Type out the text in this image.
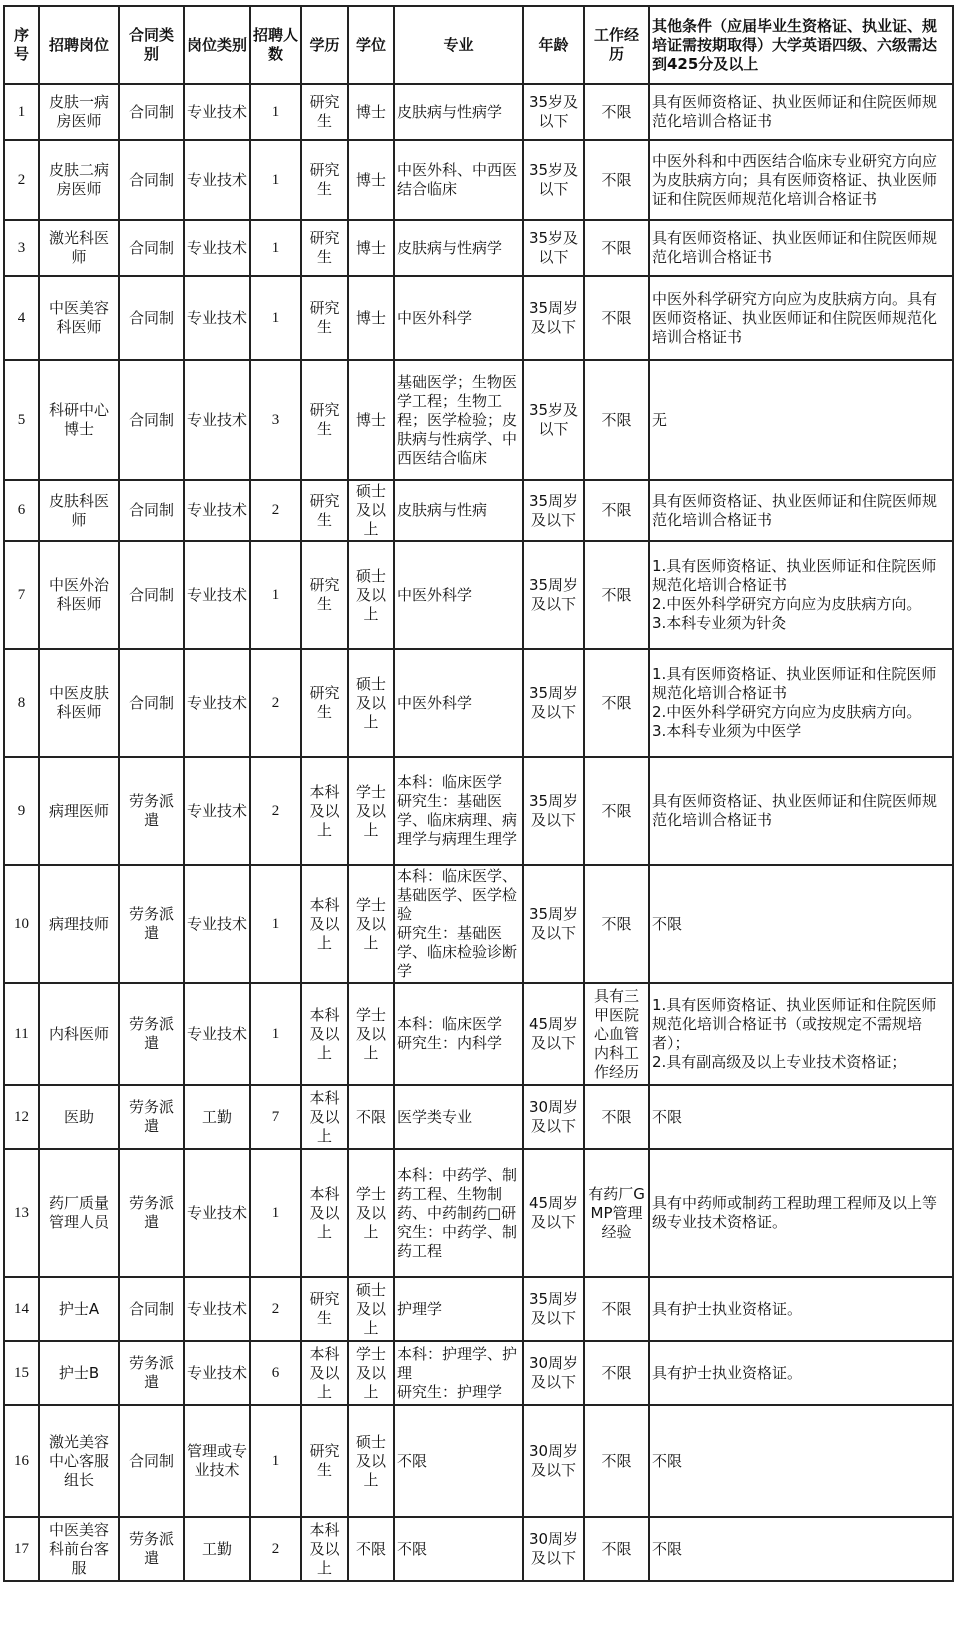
序号	招聘岗位	合同类别	岗位类别	招聘人数	学历	学位	专业	年龄	工作经历	其他条件（应届毕业生资格证、执业证、规培证需按期取得）大学英语四级、六级需达到425分及以上
1	皮肤一病房医师	合同制	专业技术	1	研究生	博士	皮肤病与性病学	35岁及以下	不限	具有医师资格证、执业医师证和住院医师规范化培训合格证书
2	皮肤二病房医师	合同制	专业技术	1	研究生	博士	中医外科、中西医结合临床	35岁及以下	不限	中医外科和中西医结合临床专业研究方向应为皮肤病方向；具有医师资格证、执业医师证和住院医师规范化培训合格证书
3	激光科医师	合同制	专业技术	1	研究生	博士	皮肤病与性病学	35岁及以下	不限	具有医师资格证、执业医师证和住院医师规范化培训合格证书
4	中医美容科医师	合同制	专业技术	1	研究生	博士	中医外科学	35周岁及以下	不限	中医外科学研究方向应为皮肤病方向。具有医师资格证、执业医师证和住院医师规范化培训合格证书
5	科研中心博士	合同制	专业技术	3	研究生	博士	基础医学；生物医学工程；生物工程；医学检验；皮肤病与性病学、中西医结合临床	35岁及以下	不限	无
6	皮肤科医师	合同制	专业技术	2	研究生	硕士及以上	皮肤病与性病	35周岁及以下	不限	具有医师资格证、执业医师证和住院医师规范化培训合格证书
7	中医外治科医师	合同制	专业技术	1	研究生	硕士及以上	中医外科学	35周岁及以下	不限	1.具有医师资格证、执业医师证和住院医师规范化培训合格证书
2.中医外科学研究方向应为皮肤病方向。
3.本科专业须为针灸

8	中医皮肤科医师	合同制	专业技术	2	研究生	硕士及以上	中医外科学	35周岁及以下	不限	1.具有医师资格证、执业医师证和住院医师规范化培训合格证书
2.中医外科学研究方向应为皮肤病方向。
3.本科专业须为中医学

9	病理医师	劳务派遣	专业技术	2	本科及以上	学士及以上	本科：临床医学
研究生：基础医学、临床病理、病理学与病理生理学	35周岁及以下	不限	具有医师资格证、执业医师证和住院医师规范化培训合格证书
10	病理技师	劳务派遣	专业技术	1	本科及以上	学士及以上	本科：临床医学、基础医学、医学检验
研究生：基础医学、临床检验诊断学	35周岁及以下	不限	不限
11	内科医师	劳务派遣	专业技术	1	本科及以上	学士及以上	本科：临床医学
研究生：内科学	45周岁及以下	具有三甲医院心血管内科工作经历	1.具有医师资格证、执业医师证和住院医师规范化培训合格证书（或按规定不需规培者）；
2.具有副高级及以上专业技术资格证；

12	医助	劳务派遣	工勤	7	本科及以上	不限	医学类专业	30周岁及以下	不限	不限
13	药厂质量管理人员	劳务派遣	专业技术	1	本科及以上	学士及以上	本科：中药学、制药工程、生物制药、中药制药□研究生：中药学、制药工程	45周岁及以下	有药厂GMP管理经验	具有中药师或制药工程助理工程师及以上等级专业技术资格证。
14	护士A	合同制	专业技术	2	研究生	硕士及以上	护理学	35周岁及以下	不限	具有护士执业资格证。
15	护士B	劳务派遣	专业技术	6	本科及以上	学士及以上	本科：护理学、护理
研究生：护理学	30周岁及以下	不限	具有护士执业资格证。
16	激光美容中心客服组长	合同制	管理或专业技术	1	研究生	硕士及以上	不限	30周岁及以下	不限	不限
17	中医美容科前台客服	劳务派遣	工勤	2	本科及以上	不限	不限	30周岁及以下	不限	不限
